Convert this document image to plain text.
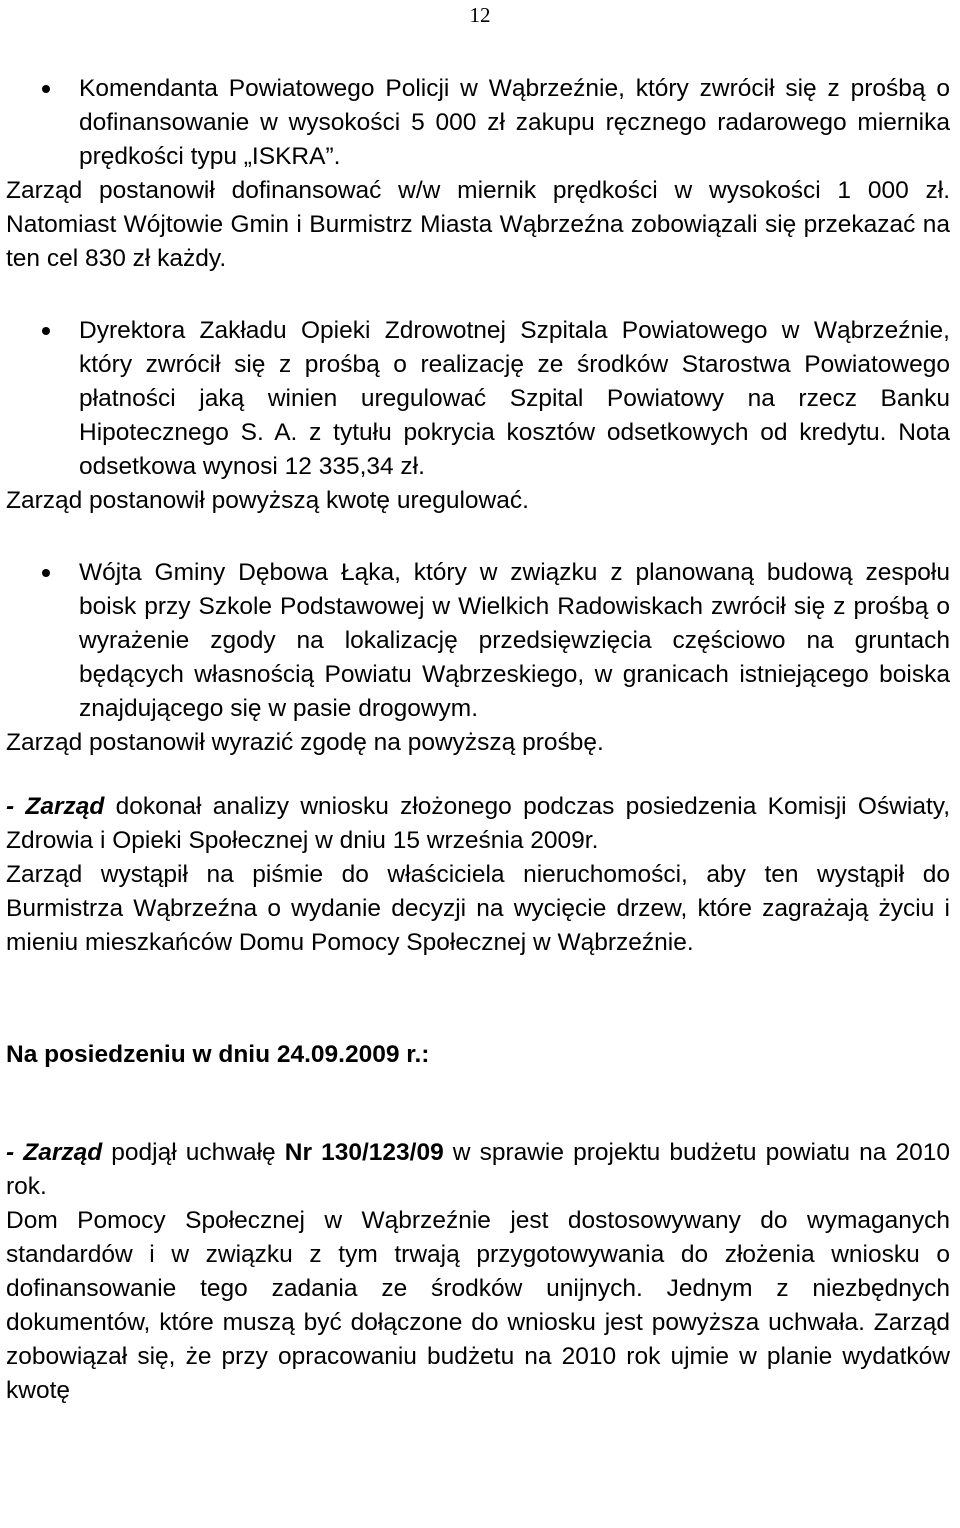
12
Komendanta Powiatowego Policji w Wąbrzeźnie, który zwrócił się z prośbą o dofinansowanie w wysokości 5 000 zł zakupu ręcznego radarowego miernika prędkości typu „ISKRA”.

Zarząd postanowił dofinansować w/w miernik prędkości w wysokości 1 000 zł. Natomiast Wójtowie Gmin i Burmistrz Miasta Wąbrzeźna zobowiązali się przekazać na ten cel 830 zł każdy.

Dyrektora Zakładu Opieki Zdrowotnej Szpitala Powiatowego w Wąbrzeźnie, który zwrócił się z prośbą o realizację ze środków Starostwa Powiatowego płatności jaką winien uregulować Szpital Powiatowy na rzecz Banku Hipotecznego S. A. z tytułu pokrycia kosztów odsetkowych od kredytu. Nota odsetkowa wynosi 12 335,34 zł.

Zarząd postanowił powyższą kwotę uregulować.

Wójta Gminy Dębowa Łąka, który w związku z planowaną budową zespołu boisk przy Szkole Podstawowej w Wielkich Radowiskach zwrócił się z prośbą o wyrażenie zgody na lokalizację przedsięwzięcia częściowo na gruntach będących własnością Powiatu Wąbrzeskiego, w granicach istniejącego boiska znajdującego się w pasie drogowym.

Zarząd postanowił wyrazić zgodę na powyższą prośbę.

- Zarząd dokonał analizy wniosku złożonego podczas posiedzenia Komisji Oświaty, Zdrowia i Opieki Społecznej w dniu 15 września 2009r.

Zarząd wystąpił na piśmie do właściciela nieruchomości, aby ten wystąpił do Burmistrza Wąbrzeźna o wydanie decyzji na wycięcie drzew, które zagrażają życiu i mieniu mieszkańców Domu Pomocy Społecznej w Wąbrzeźnie.

Na posiedzeniu w dniu 24.09.2009 r.:

- Zarząd podjął uchwałę Nr 130/123/09 w sprawie projektu budżetu powiatu na 2010 rok.

Dom Pomocy Społecznej w Wąbrzeźnie jest dostosowywany do wymaganych standardów i w związku z tym trwają przygotowywania do złożenia wniosku o dofinansowanie tego zadania ze środków unijnych. Jednym z niezbędnych dokumentów, które muszą być dołączone do wniosku jest powyższa uchwała. Zarząd zobowiązał się, że przy opracowaniu budżetu na 2010 rok ujmie w planie wydatków kwotę
